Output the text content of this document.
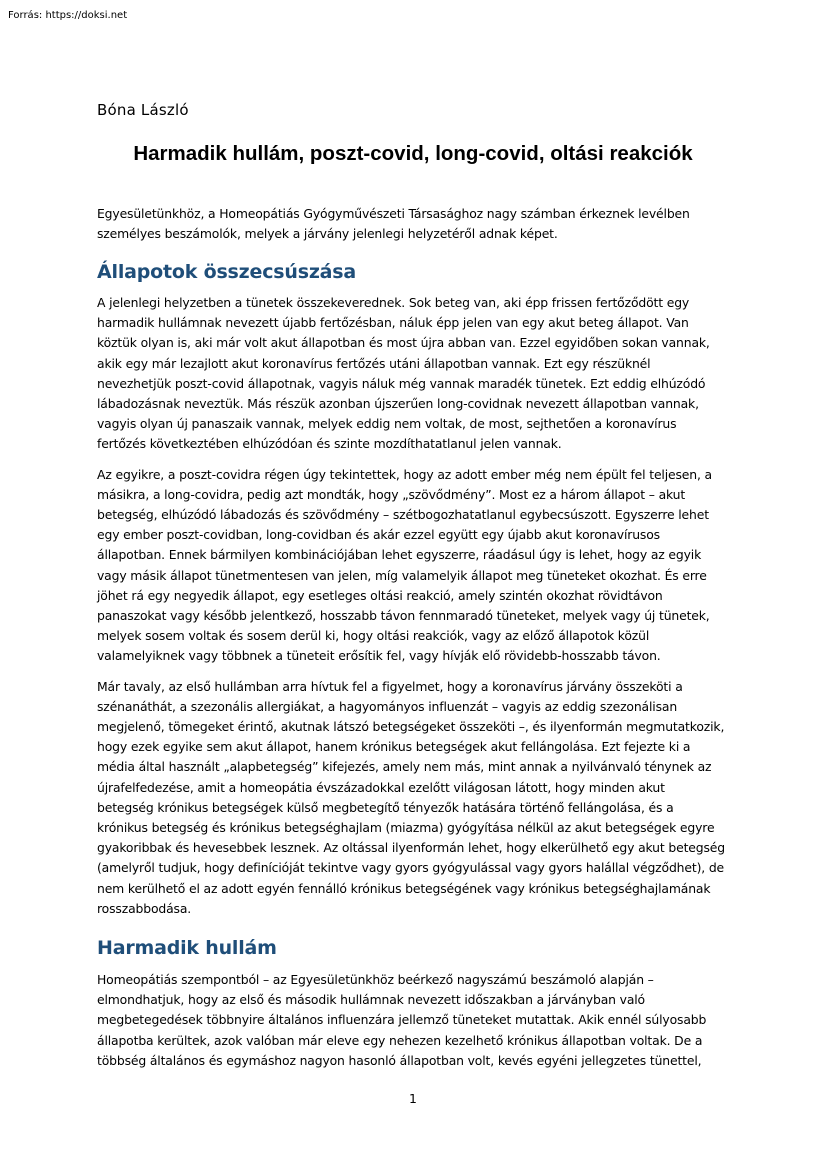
Forrás: https://doksi.net
Bóna László
Harmadik hullám, poszt-covid, long-covid, oltási reakciók

Egyesületünkhöz, a Homeopátiás Gyógyművészeti Társasághoz nagy számban érkeznek levélben személyes beszámolók, melyek a járvány jelenlegi helyzetéről adnak képet.

Állapotok összecsúszása

A jelenlegi helyzetben a tünetek összekeverednek. Sok beteg van, aki épp frissen fertőződött egy harmadik hullámnak nevezett újabb fertőzésban, náluk épp jelen van egy akut beteg állapot. Van köztük olyan is, aki már volt akut állapotban és most újra abban van. Ezzel egyidőben sokan vannak, akik egy már lezajlott akut koronavírus fertőzés utáni állapotban vannak. Ezt egy részüknél nevezhetjük poszt-covid állapotnak, vagyis náluk még vannak maradék tünetek. Ezt eddig elhúzódó lábadozásnak neveztük. Más részük azonban újszerűen long-covidnak nevezett állapotban vannak, vagyis olyan új panaszaik vannak, melyek eddig nem voltak, de most, sejthetően a koronavírus fertőzés következtében elhúzódóan és szinte mozdíthatatlanul jelen vannak.

Az egyikre, a poszt-covidra régen úgy tekintettek, hogy az adott ember még nem épült fel teljesen, a másikra, a long-covidra, pedig azt mondták, hogy „szövődmény”. Most ez a három állapot – akut betegség, elhúzódó lábadozás és szövődmény – szétbogozhatatlanul egybecsúszott. Egyszerre lehet egy ember poszt-covidban, long-covidban és akár ezzel együtt egy újabb akut koronavírusos állapotban. Ennek bármilyen kombinációjában lehet egyszerre, ráadásul úgy is lehet, hogy az egyik vagy másik állapot tünetmentesen van jelen, míg valamelyik állapot meg tüneteket okozhat. És erre jöhet rá egy negyedik állapot, egy esetleges oltási reakció, amely szintén okozhat rövidtávon panaszokat vagy később jelentkező, hosszabb távon fennmaradó tüneteket, melyek vagy új tünetek, melyek sosem voltak és sosem derül ki, hogy oltási reakciók, vagy az előző állapotok közül valamelyiknek vagy többnek a tüneteit erősítik fel, vagy hívják elő rövidebb-hosszabb távon.

Már tavaly, az első hullámban arra hívtuk fel a figyelmet, hogy a koronavírus járvány összeköti a szénanáthát, a szezonális allergiákat, a hagyományos influenzát – vagyis az eddig szezonálisan megjelenő, tömegeket érintő, akutnak látszó betegségeket összeköti –, és ilyenformán megmutatkozik, hogy ezek egyike sem akut állapot, hanem krónikus betegségek akut fellángolása. Ezt fejezte ki a média által használt „alapbetegség” kifejezés, amely nem más, mint annak a nyilvánvaló ténynek az újrafelfedezése, amit a homeopátia évszázadokkal ezelőtt világosan látott, hogy minden akut betegség krónikus betegségek külső megbetegítő tényezők hatására történő fellángolása, és a krónikus betegség és krónikus betegséghajlam (miazma) gyógyítása nélkül az akut betegségek egyre gyakoribbak és hevesebbek lesznek. Az oltással ilyenformán lehet, hogy elkerülhető egy akut betegség (amelyről tudjuk, hogy definícióját tekintve vagy gyors gyógyulással vagy gyors halállal végződhet), de nem kerülhető el az adott egyén fennálló krónikus betegségének vagy krónikus betegséghajlamának rosszabbodása.

Harmadik hullám

Homeopátiás szempontból – az Egyesületünkhöz beérkező nagyszámú beszámoló alapján – elmondhatjuk, hogy az első és második hullámnak nevezett időszakban a járványban való megbetegedések többnyire általános influenzára jellemző tüneteket mutattak. Akik ennél súlyosabb állapotba kerültek, azok valóban már eleve egy nehezen kezelhető krónikus állapotban voltak. De a többség általános és egymáshoz nagyon hasonló állapotban volt, kevés egyéni jellegzetes tünettel,

1
